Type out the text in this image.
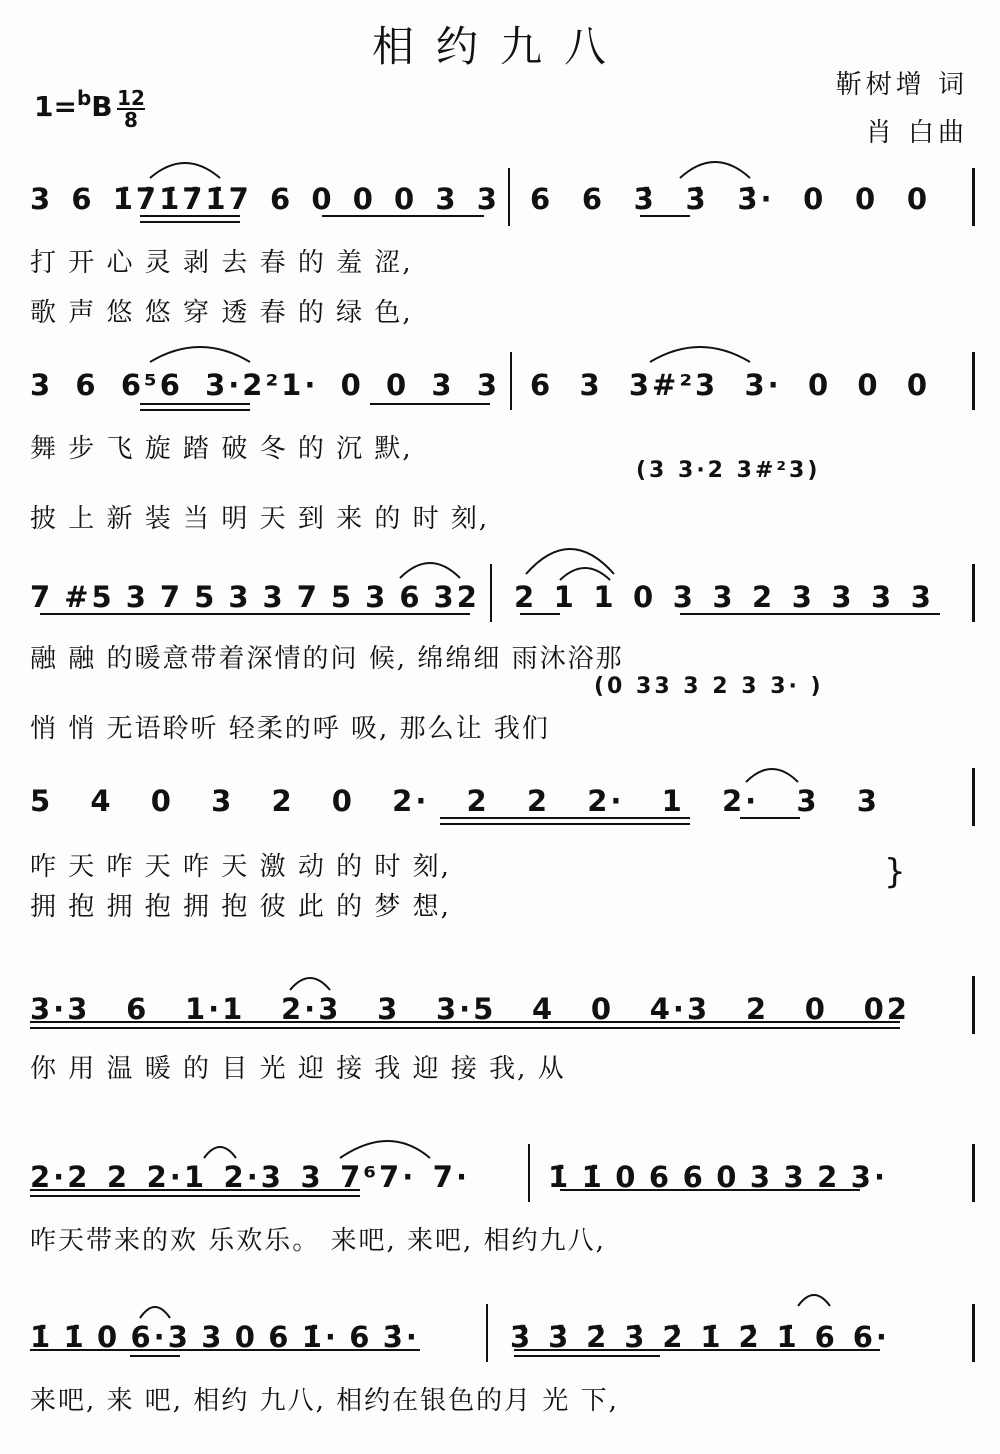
相约九八
1=$^b$B 12
8
靳树增 词
肖 白曲
3 6 1̇7̇1̇7̇1̇7 6 0 0 0 3 3 6 6 3̇ 3̇ 3̇· 0 0 0
打 开 心 灵 剥 去 春 的 羞 涩,
歌 声 悠 悠 穿 透 春 的 绿 色,
3 6 6⁵6 3·2²1· 0 0 3 3 6 3 3#²3 3· 0 0 0
舞 步 飞 旋 踏 破 冬 的 沉 默,
(3 3·2 3#²3)
披 上 新 装 当 明 天 到 来 的 时 刻,
7 #5 3 7 5 3 3 7 5 3 6 32 2 1 1 0 3 3 2 3 3 3 3
融 融 的暖意带着深情的问 候, 绵绵细 雨沐浴那
(0 33 3 2 3 3· )
悄 悄 无语聆听 轻柔的呼 吸, 那么让 我们
5 4 0 3 2 0 2· 2 2 2· 1 2· 3 3
咋 天 咋 天 咋 天 激 动 的 时 刻,
拥 抱 拥 抱 拥 抱 彼 此 的 梦 想,
}
3·3 6 1·1 2·3 3 3·5 4 0 4·3 2 0 02
你 用 温 暖 的 目 光 迎 接 我 迎 接 我, 从
2·2 2 2·1 2·3 3 7⁶7· 7·	1̇ 1̇ 0 6 6 0 3 3 2 3·
咋天带来的欢 乐欢乐。 来吧, 来吧, 相约九八,
1̇ 1̇ 0 6·3 3 0 6 1̇· 6 3̇·	3̇ 3̇ 2̇ 3̇ 2̇ 1̇ 2̇ 1̇ 6 6·
来吧, 来 吧, 相约 九八, 相约在银色的月 光 下,
